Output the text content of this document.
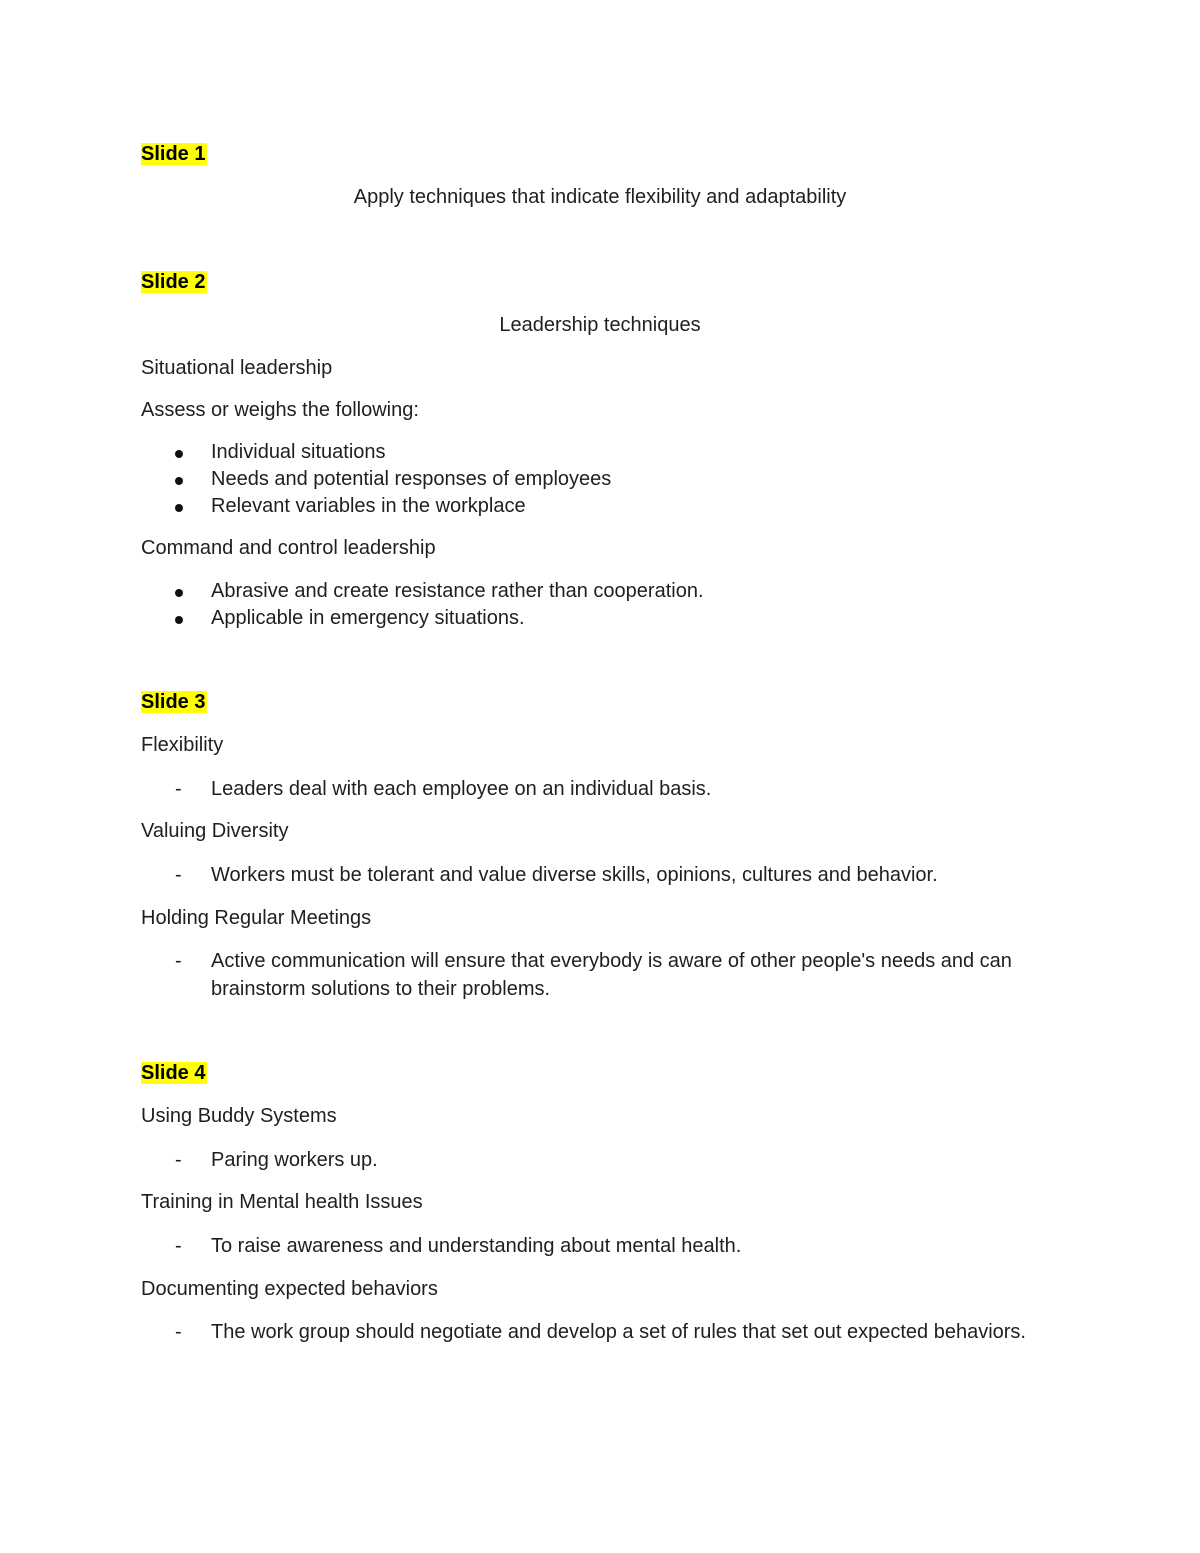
Slide 1
Apply techniques that indicate flexibility and adaptability
Slide 2
Leadership techniques
Situational leadership
Assess or weighs the following:
Individual situations
Needs and potential responses of employees
Relevant variables in the workplace
Command and control leadership
Abrasive and create resistance rather than cooperation.
Applicable in emergency situations.
Slide 3
Flexibility
-	Leaders deal with each employee on an individual basis.
Valuing Diversity
-	Workers must be tolerant and value diverse skills, opinions, cultures and behavior.
Holding Regular Meetings
-	Active communication will ensure that everybody is aware of other people's needs and can brainstorm solutions to their problems.
Slide 4
Using Buddy Systems
-	Paring workers up.
Training in Mental health Issues
-	To raise awareness and understanding about mental health.
Documenting expected behaviors
-	The work group should negotiate and develop a set of rules that set out expected behaviors.
